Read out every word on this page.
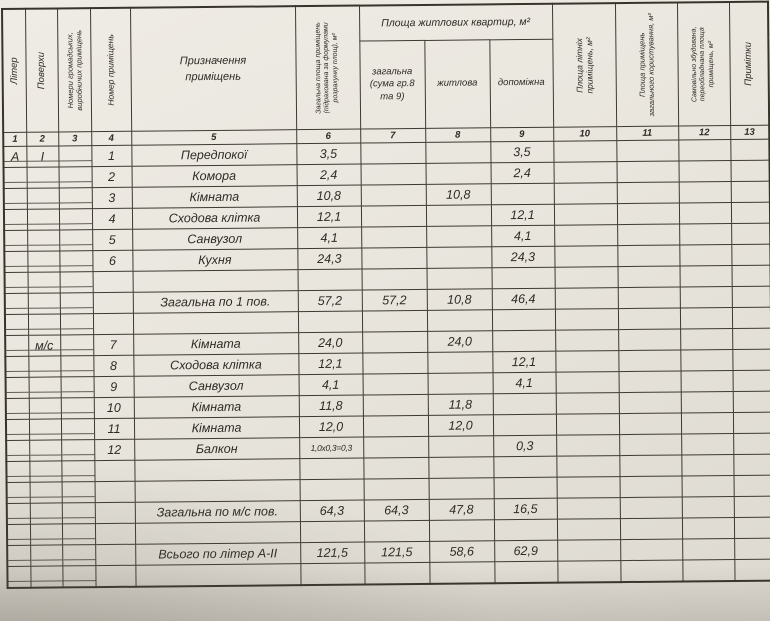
Літер	Поверхи	Номери громадських, виробничих приміщень	Номер приміщень	Призначення приміщень	Загальна площа приміщень (підрахована за формулами розрахунку площ), м²	Площа житлових квартир, м²			Площа літніх приміщень, м²	Площа приміщень загального користування, м²	Самовільно збудована, переобладнана площа приміщень, м²	Примітки

						загальна (сума гр.8 та 9)	житлова	допоміжна				
1	2	3	4	5	6	7	8	9	10	11	12	13
А	І		1	Передпокої	3,5			3,5				
			2	Комора	2,4			2,4				
			3	Кімната	10,8		10,8					
			4	Сходова клітка	12,1			12,1				
			5	Санвузол	4,1			4,1				
			6	Кухня	24,3			24,3				

				Загальна по 1 пов.	57,2	57,2	10,8	46,4				

	м/с		7	Кімната	24,0		24,0					
			8	Сходова клітка	12,1			12,1				
			9	Санвузол	4,1			4,1				
			10	Кімната	11,8		11,8					
			11	Кімната	12,0		12,0					
			12	Балкон	1,0x0,3=0,3			0,3				

				Загальна по м/с пов.	64,3	64,3	47,8	16,5				

				Всього по літер А-ІІ	121,5	121,5	58,6	62,9				
